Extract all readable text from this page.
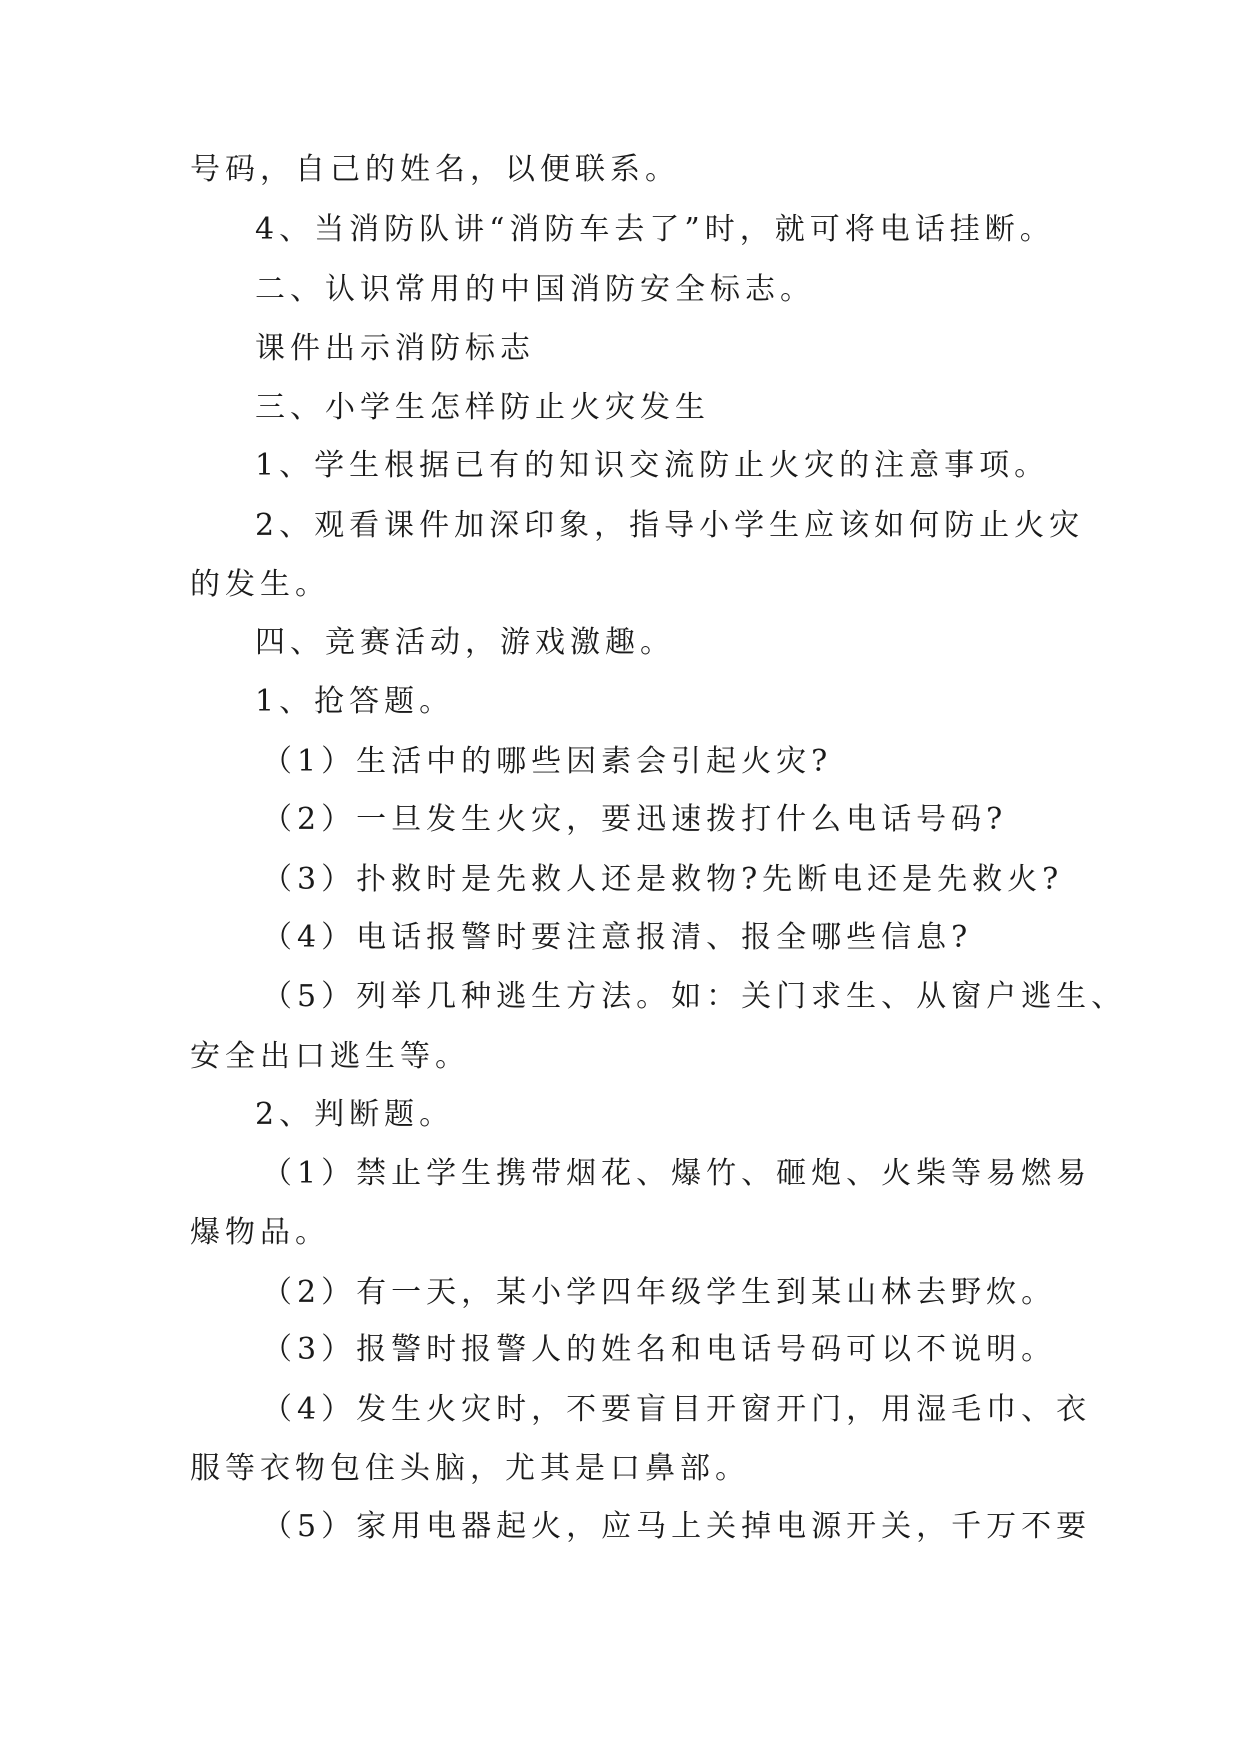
号码，自己的姓名，以便联系。
4、当消防队讲“消防车去了”时，就可将电话挂断。
二、认识常用的中国消防安全标志。
课件出示消防标志
三、小学生怎样防止火灾发生
1、学生根据已有的知识交流防止火灾的注意事项。
2、观看课件加深印象，指导小学生应该如何防止火灾
的发生。
四、竞赛活动，游戏激趣。
1、抢答题。
（1）生活中的哪些因素会引起火灾?
（2）一旦发生火灾，要迅速拨打什么电话号码?
（3）扑救时是先救人还是救物?先断电还是先救火?
（4）电话报警时要注意报清、报全哪些信息?
（5）列举几种逃生方法。如：关门求生、从窗户逃生、
安全出口逃生等。
2、判断题。
（1）禁止学生携带烟花、爆竹、砸炮、火柴等易燃易
爆物品。
（2）有一天，某小学四年级学生到某山林去野炊。
（3）报警时报警人的姓名和电话号码可以不说明。
（4）发生火灾时，不要盲目开窗开门，用湿毛巾、衣
服等衣物包住头脑，尤其是口鼻部。
（5）家用电器起火，应马上关掉电源开关，千万不要
